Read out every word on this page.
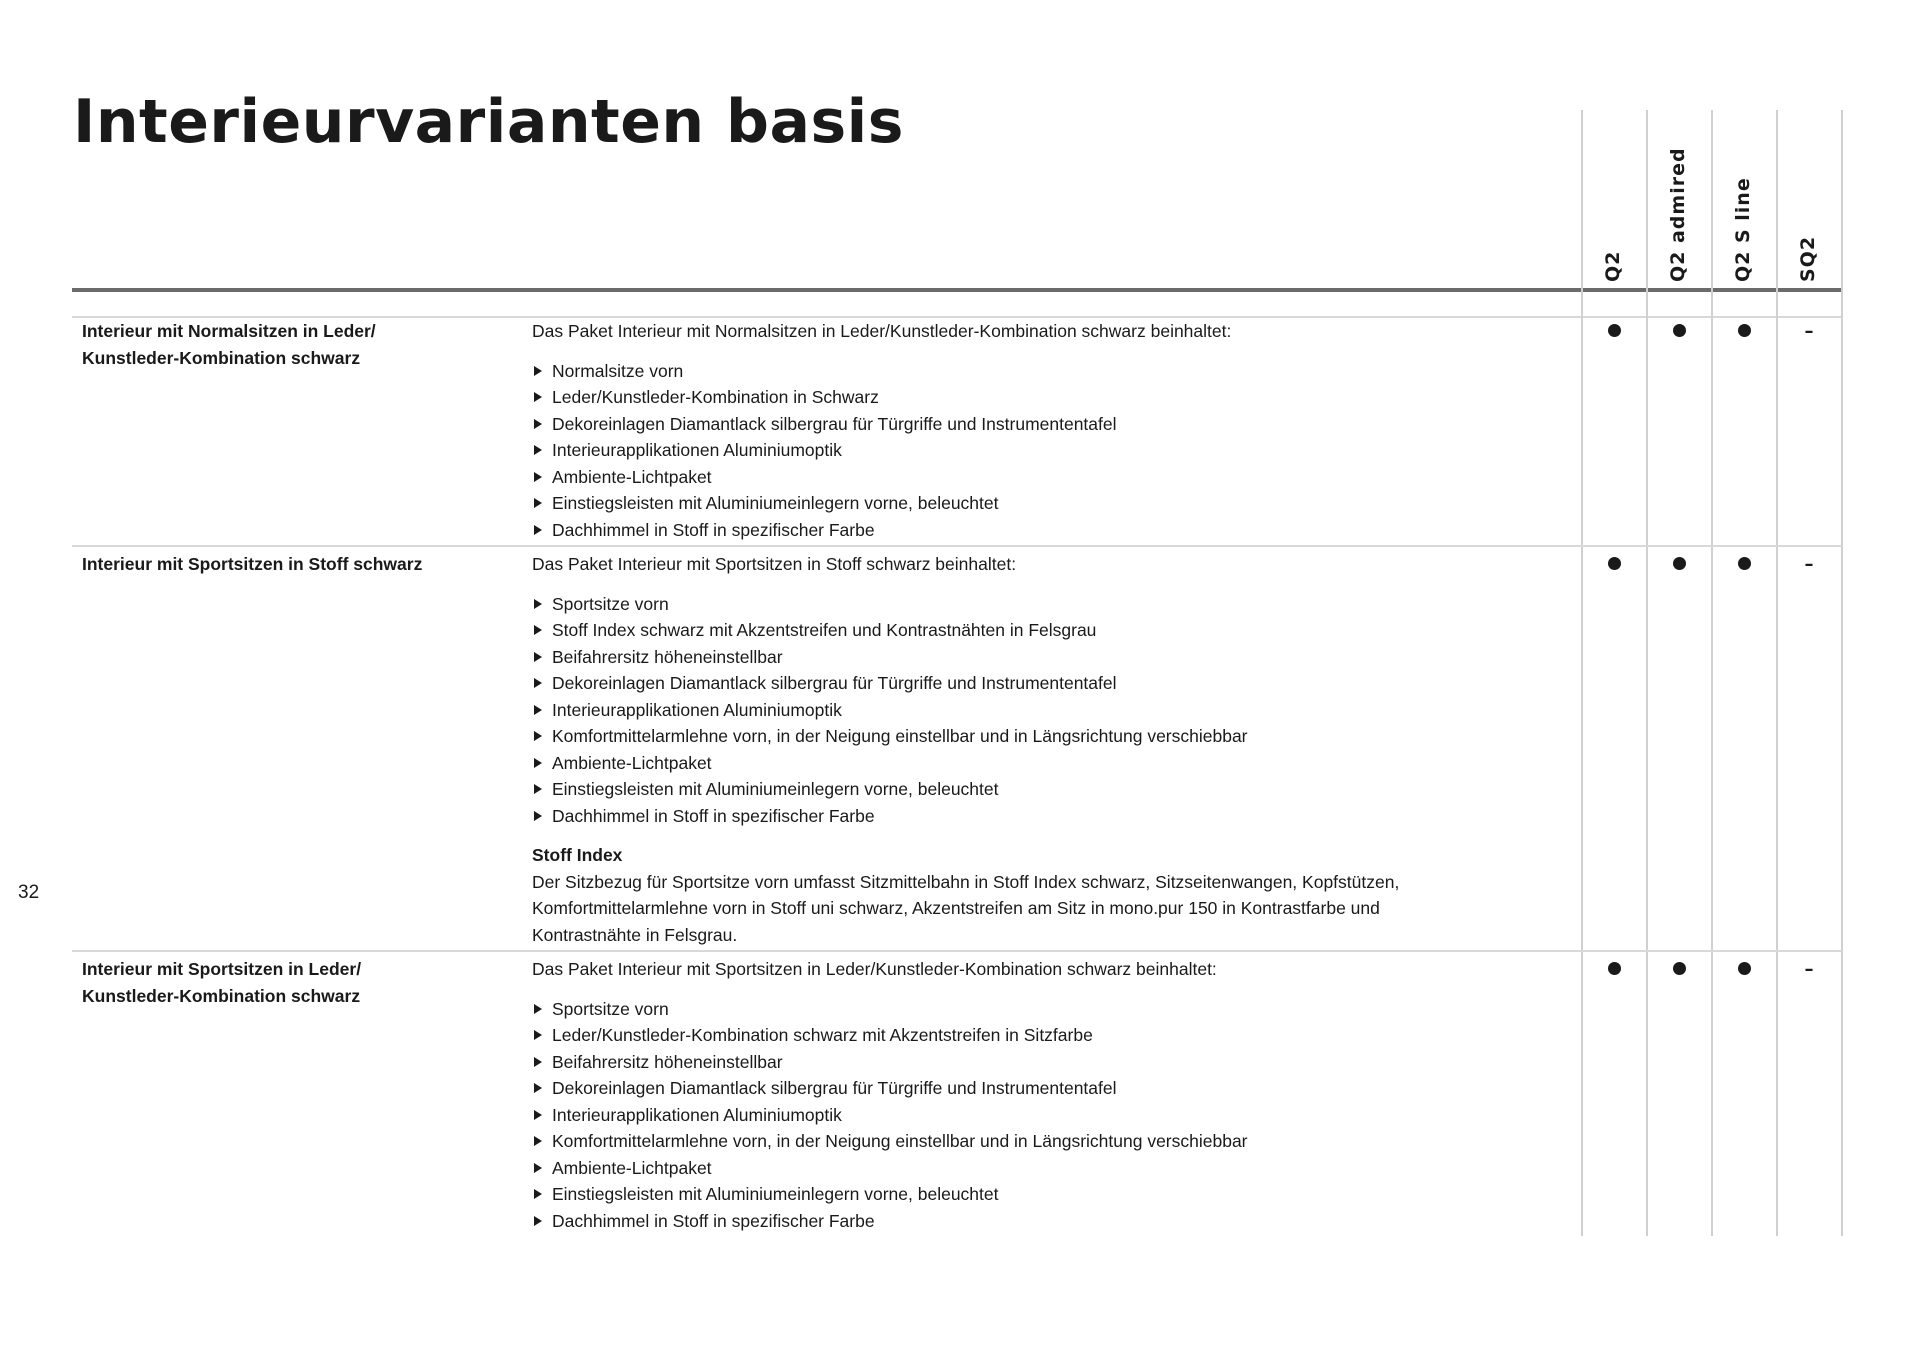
Interieurvarianten basis
32
Q2 Q2 admired Q2 S line SQ2
Interieur mit Normalsitzen in Leder/
Kunstleder-Kombination schwarz

Das Paket Interieur mit Normalsitzen in Leder/Kunstleder-Kombination schwarz beinhaltet:

Normalsitze vorn
Leder/Kunstleder-Kombination in Schwarz
Dekoreinlagen Diamantlack silbergrau für Türgriffe und Instrumententafel
Interieurapplikationen Aluminiumoptik
Ambiente-Lichtpaket
Einstiegsleisten mit Aluminiumeinlegern vorne, beleuchtet
Dachhimmel in Stoff in spezifischer Farbe
–
Interieur mit Sportsitzen in Stoff schwarz	Das Paket Interieur mit Sportsitzen in Stoff schwarz beinhaltet:

Sportsitze vorn
Stoff Index schwarz mit Akzentstreifen und Kontrastnähten in Felsgrau
Beifahrersitz höheneinstellbar
Dekoreinlagen Diamantlack silbergrau für Türgriffe und Instrumententafel
Interieurapplikationen Aluminiumoptik
Komfortmittelarmlehne vorn, in der Neigung einstellbar und in Längsrichtung verschiebbar
Ambiente-Lichtpaket
Einstiegsleisten mit Aluminiumeinlegern vorne, beleuchtet
Dachhimmel in Stoff in spezifischer Farbe

Stoff Index

Der Sitzbezug für Sportsitze vorn umfasst Sitzmittelbahn in Stoff Index schwarz, Sitzseitenwangen, Kopfstützen,
Komfortmittelarmlehne vorn in Stoff uni schwarz, Akzentstreifen am Sitz in mono.pur 150 in Kontrastfarbe und
Kontrastnähte in Felsgrau.

–
Interieur mit Sportsitzen in Leder/
Kunstleder-Kombination schwarz

Das Paket Interieur mit Sportsitzen in Leder/Kunstleder-Kombination schwarz beinhaltet:

Sportsitze vorn
Leder/Kunstleder-Kombination schwarz mit Akzentstreifen in Sitzfarbe
Beifahrersitz höheneinstellbar
Dekoreinlagen Diamantlack silbergrau für Türgriffe und Instrumententafel
Interieurapplikationen Aluminiumoptik
Komfortmittelarmlehne vorn, in der Neigung einstellbar und in Längsrichtung verschiebbar
Ambiente-Lichtpaket
Einstiegsleisten mit Aluminiumeinlegern vorne, beleuchtet
Dachhimmel in Stoff in spezifischer Farbe
–
